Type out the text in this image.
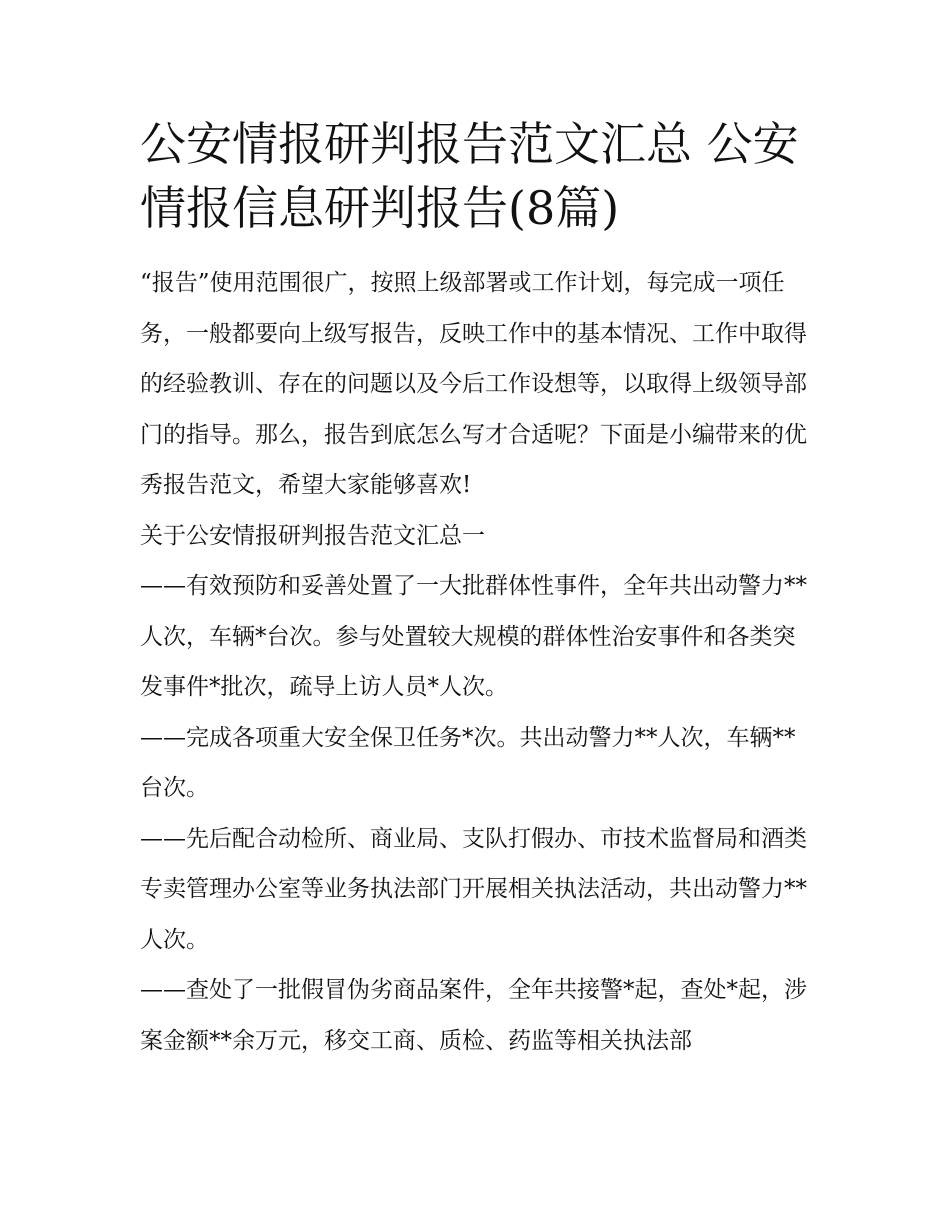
公安情报研判报告范文汇总 公安情报信息研判报告(8篇)

“报告”使用范围很广，按照上级部署或工作计划，每完成一项任务，一般都要向上级写报告，反映工作中的基本情况、工作中取得的经验教训、存在的问题以及今后工作设想等，以取得上级领导部门的指导。那么，报告到底怎么写才合适呢？下面是小编带来的优秀报告范文，希望大家能够喜欢!

关于公安情报研判报告范文汇总一

——有效预防和妥善处置了一大批群体性事件，全年共出动警力**人次，车辆*台次。参与处置较大规模的群体性治安事件和各类突发事件*批次，疏导上访人员*人次。

——完成各项重大安全保卫任务*次。共出动警力**人次，车辆**台次。

——先后配合动检所、商业局、支队打假办、市技术监督局和酒类专卖管理办公室等业务执法部门开展相关执法活动，共出动警力**人次。

——查处了一批假冒伪劣商品案件，全年共接警*起，查处*起，涉案金额**余万元，移交工商、质检、药监等相关执法部
